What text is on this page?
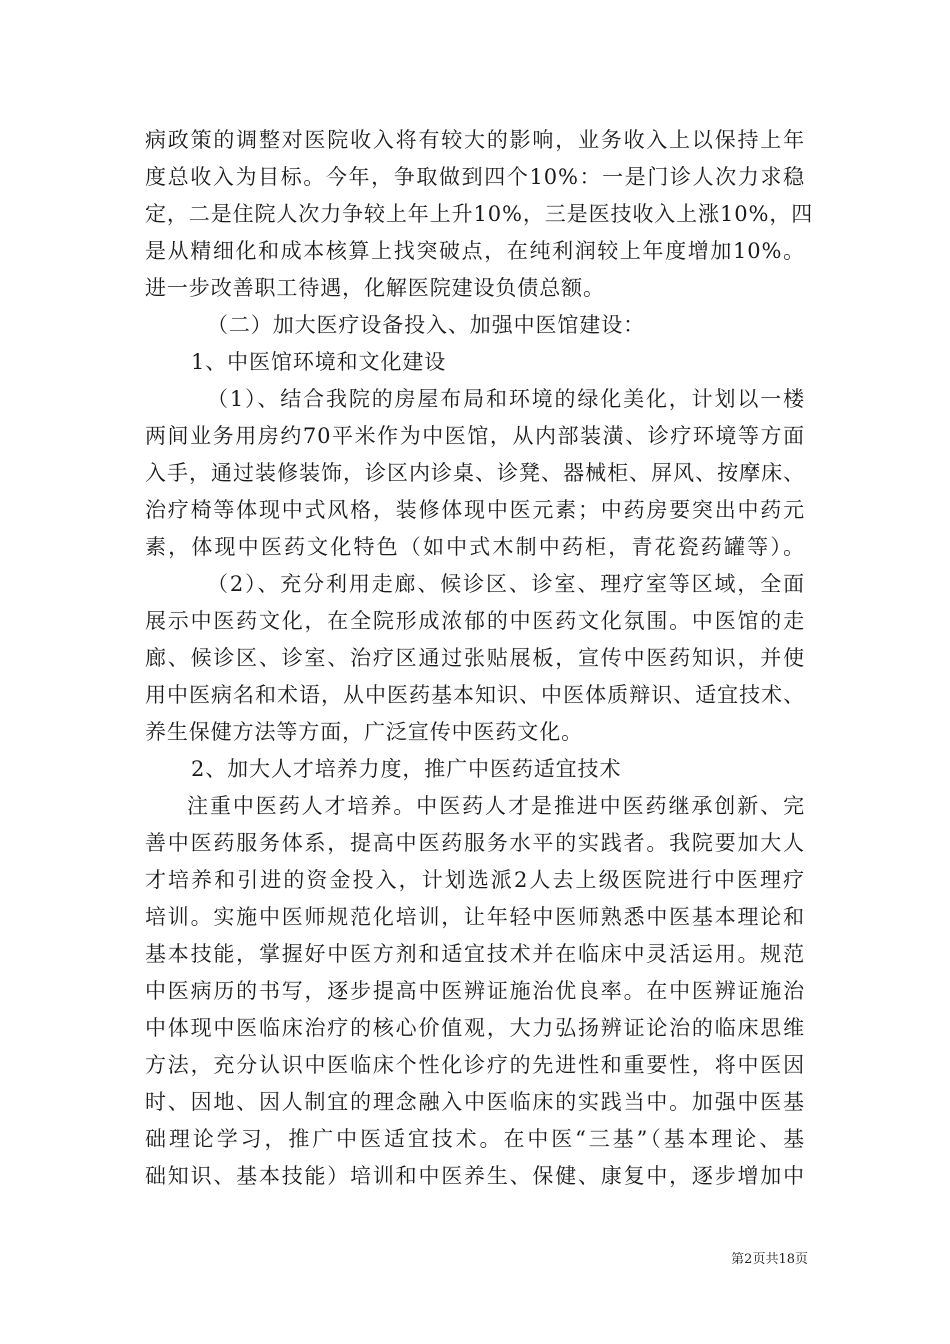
病政策的调整对医院收入将有较大的影响，业务收入上以保持上年
度总收入为目标。今年，争取做到四个10%：一是门诊人次力求稳
定，二是住院人次力争较上年上升10%，三是医技收入上涨10%，四
是从精细化和成本核算上找突破点，在纯利润较上年度增加10%。
进一步改善职工待遇，化解医院建设负债总额。
（二）加大医疗设备投入、加强中医馆建设：
1、中医馆环境和文化建设
（1）、结合我院的房屋布局和环境的绿化美化，计划以一楼
两间业务用房约70平米作为中医馆，从内部装潢、诊疗环境等方面
入手，通过装修装饰，诊区内诊桌、诊凳、器械柜、屏风、按摩床、
治疗椅等体现中式风格，装修体现中医元素；中药房要突出中药元
素，体现中医药文化特色（如中式木制中药柜，青花瓷药罐等）。
（2）、充分利用走廊、候诊区、诊室、理疗室等区域，全面
展示中医药文化，在全院形成浓郁的中医药文化氛围。中医馆的走
廊、候诊区、诊室、治疗区通过张贴展板，宣传中医药知识，并使
用中医病名和术语，从中医药基本知识、中医体质辩识、适宜技术、
养生保健方法等方面，广泛宣传中医药文化。
2、加大人才培养力度，推广中医药适宜技术
注重中医药人才培养。中医药人才是推进中医药继承创新、完
善中医药服务体系，提高中医药服务水平的实践者。我院要加大人
才培养和引进的资金投入，计划选派2人去上级医院进行中医理疗
培训。实施中医师规范化培训，让年轻中医师熟悉中医基本理论和
基本技能，掌握好中医方剂和适宜技术并在临床中灵活运用。规范
中医病历的书写，逐步提高中医辨证施治优良率。在中医辨证施治
中体现中医临床治疗的核心价值观，大力弘扬辨证论治的临床思维
方法，充分认识中医临床个性化诊疗的先进性和重要性，将中医因
时、因地、因人制宜的理念融入中医临床的实践当中。加强中医基
础理论学习，推广中医适宜技术。在中医“三基”（基本理论、基
础知识、基本技能）培训和中医养生、保健、康复中，逐步增加中
第2页共18页
